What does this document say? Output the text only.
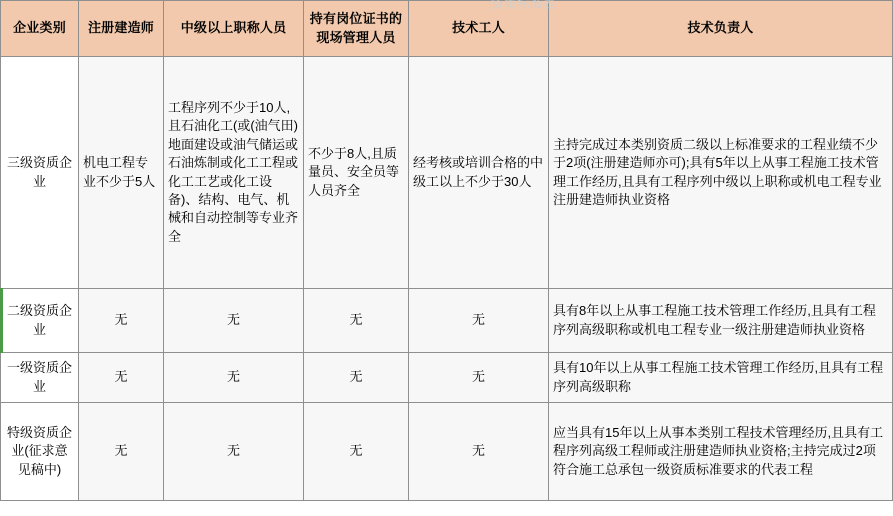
企业类别	注册建造师	中级以上职称人员	持有岗位证书的现场管理人员	技术工人	技术负责人
三级资质企业	机电工程专业不少于5人	工程序列不少于10人,且石油化工(或(油气田)地面建设或油气储运或石油炼制或化工工程或化工工艺或化工设备)、结构、电气、机械和自动控制等专业齐全	不少于8人,且质量员、安全员等人员齐全	经考核或培训合格的中级工以上不少于30人	主持完成过本类别资质二级以上标准要求的工程业绩不少于2项(注册建造师亦可);具有5年以上从事工程施工技术管理工作经历,且具有工程序列中级以上职称或机电工程专业注册建造师执业资格
二级资质企业	无	无	无	无	具有8年以上从事工程施工技术管理工作经历,且具有工程序列高级职称或机电工程专业一级注册建造师执业资格
一级资质企业	无	无	无	无	具有10年以上从事工程施工技术管理工作经历,且具有工程序列高级职称
特级资质企业(征求意见稿中)	无	无	无	无	应当具有15年以上从事本类别工程技术管理经历,且具有工程序列高级工程师或注册建造师执业资格;主持完成过2项符合施工总承包一级资质标准要求的代表工程
